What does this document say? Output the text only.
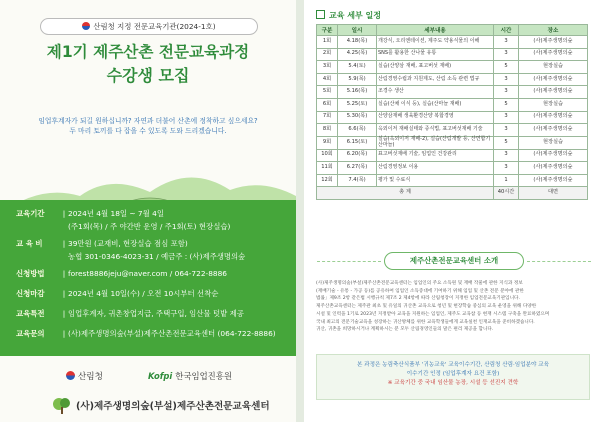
산림청 지정 전문교육기관(2024-1호)
제1기 제주산촌 전문교육과정
수강생 모집
임업후계자가 되길 원하십니까? 자연과 더불어 산촌에 정착하고 싶으세요?
두 마리 토끼를 다 잡을 수 있도록 도와 드리겠습니다.
교육기간 | 2024년 4월 18일 ~ 7월 4일
(주1회(목) / 주 야간반 운영 / 주1회(토) 현장실습)
교 육 비	| 39만원 (교재비, 현장실습 점심 포함)
농협 301-0346-4023-31 / 예금주 : (사)제주생명의숲
신청방법 | forest8886jeju@naver.com / 064-722-8886
신청마감 | 2024년 4월 10일(수) / 오전 10시부터 선착순
교육특전 | 임업후계자, 귀촌창업지급, 주택구입, 임산물 텃밭 제공
교육문의 | (사)제주생명의숲(부설)제주산촌전문교육센터 (064-722-8886)
산림청	Kofpi 한국임업진흥원
(사)제주생명의숲(부설)제주산촌전문교육센터
교육 세부 일정
구분	일시	세부내용	시간	장소
1회	4.18(목)	개강식, 오리엔테이션, 제주도 약용식물의 이해	3	(사)제주생명의숲
2회	4.25(목)	SNS를 활용한 산나물 유통	3	(사)제주생명의숲
3회	5.4(토)	실습(산양삼 재배, 표고버섯 재배)	5	현장실습
4회	5.9(목)	산림경영수립과 지원제도, 산림 소득 관련 법규	3	(사)제주생명의숲
5회	5.16(목)	조경수 생산	3	(사)제주생명의숲
6회	5.25(토)	실습(산채 이식 등), 실습(산마늘 재배)	5	현장실습
7회	5.30(목)	산양삼재배 생육환경산양 복합경영	3	(사)제주생명의숲
8회	6.6(목)	옥외이저 재배실태와 증식법, 표고버섯재배 기술	3	(사)제주생명의숲
9회	6.15(토)	실습(옥외이저 재배-2), 실습(산림개발 등, 산연합기 산마늘)	5	현장실습
10회	6.20(목)	표고버섯재배 기술, 임업인 건강관리	3	(사)제주생명의숲
11회	6.27(목)	산림경영정보 이용	3	(사)제주생명의숲
12회	7.4(목)	평가 및 수료식	1	(사)제주생명의숲
총 계			40시간	대면
제주산촌전문교육센터 소개
(사)제주생명의숲(부설)제주산촌전문교육센터는 임업인의 주요 소득원 및 재배 작물에 관한 지식과 정보
(재배기술 - 유통 - 가공 등)를 공유하여 임업인 소득증대에 기여하기 위해 임업 및 산촌 전문 분야에 관한
법률」제9조 2항 같은법 시행규칙 제7조 2 제4항에 따라 산림청장이 지정한 임업전문교육기관입니다.
제주산촌교육센터는 제주관 최초 및 유일의 귀산촌 교육으로 청년 및 현장학습 중심의 교육 운영을 위해 다양한
시설 및 인력을 1기로 2023년 지정받아 교육을 지원하는 임업인, 제주도 교육참 등 현재 시스템 구축을 완료하였으며
국내 최고의 전문기술교육을 성장하는 귀산방체를 위한 교육학생들에게 교육실천 인재교육을 준비하겠습니다.
귀산, 귀촌을 희망하시거나 계획하시는 분 모두 산림경영인들의 말은 편리 제공을 합니다.
본 과정은 농림축산식품부 '귀농교육' 교육이수기간, 산림청 산림·임업분야 교육
이수기간 인정 (임업후계자 요건 포함)
※ 교육기간 중 국내 임산물 농장, 시설 등 선진지 견학
